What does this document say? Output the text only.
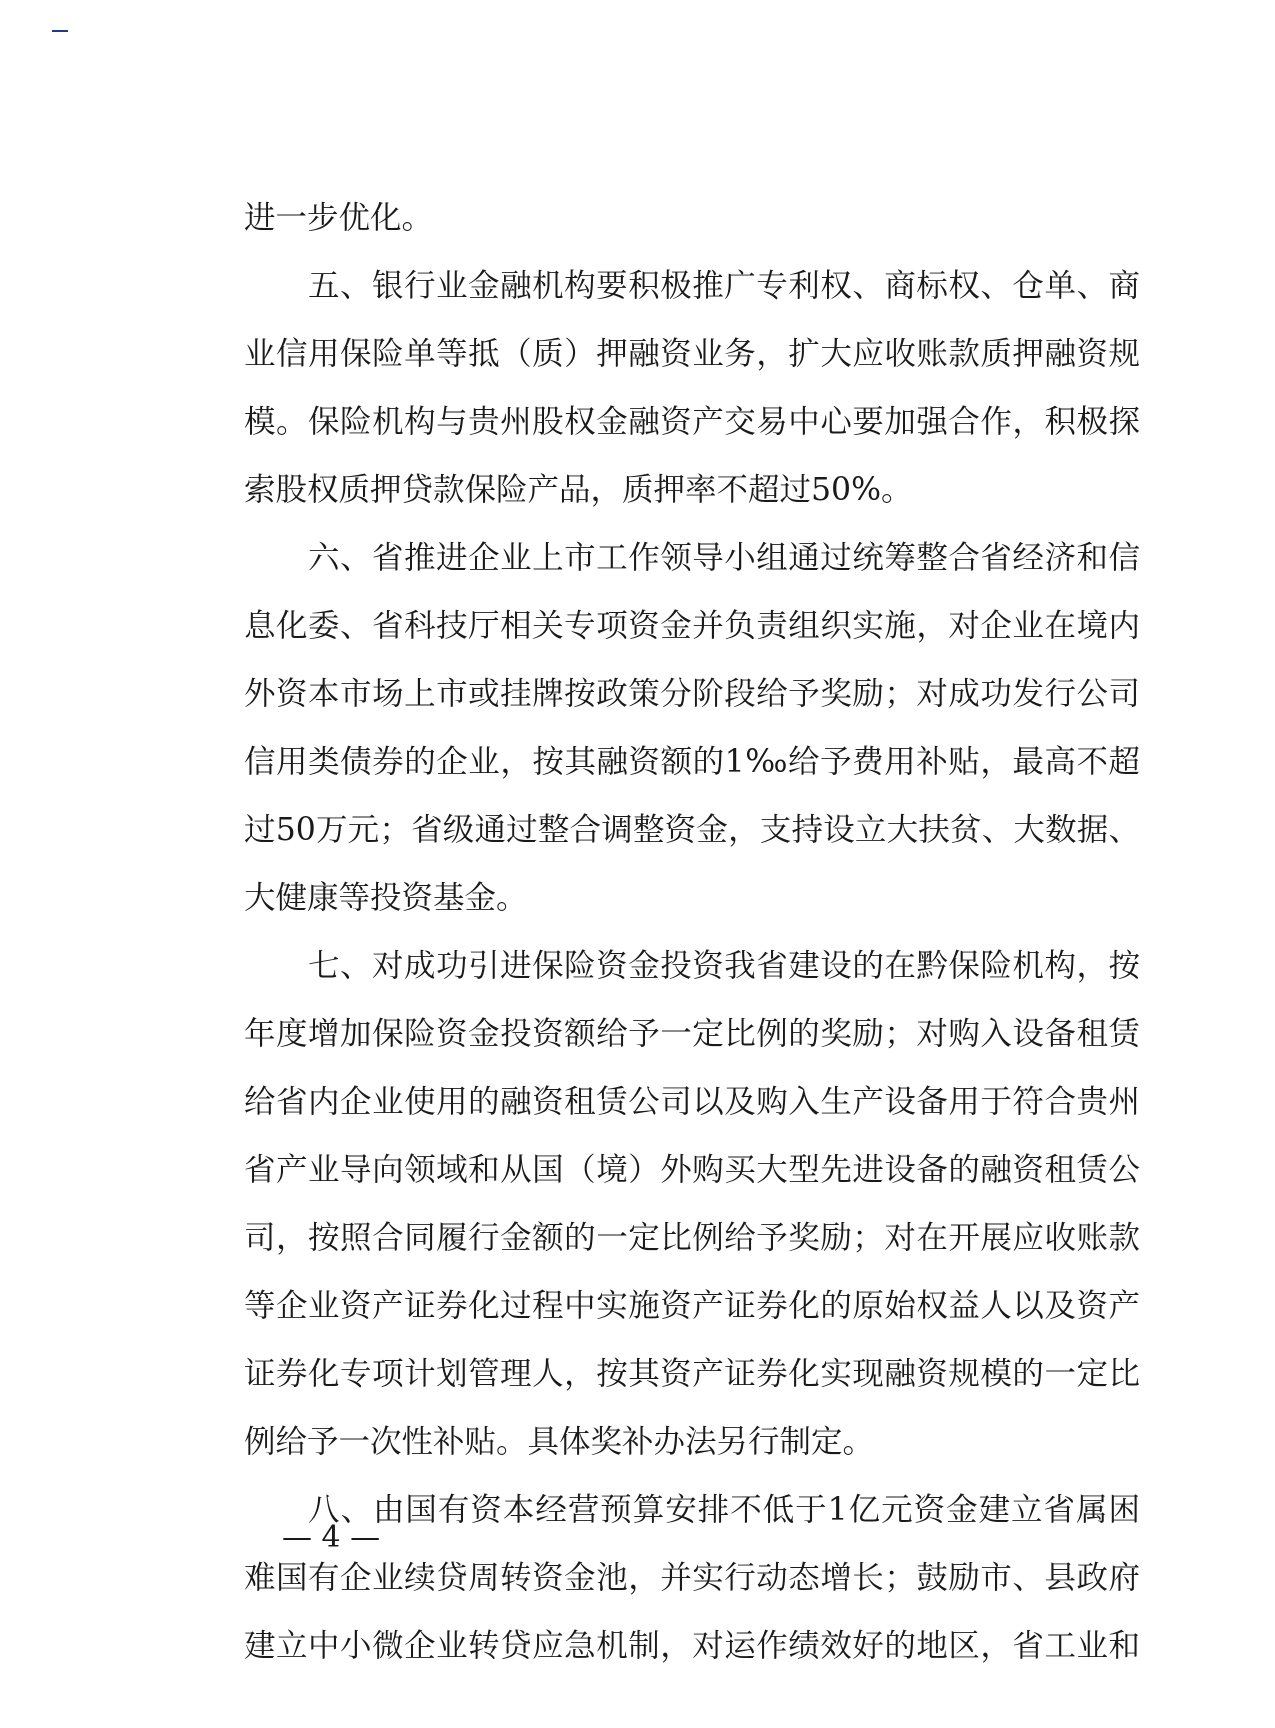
进一步优化。
五、银行业金融机构要积极推广专利权、商标权、仓单、商
业信用保险单等抵（质）押融资业务，扩大应收账款质押融资规
模。保险机构与贵州股权金融资产交易中心要加强合作，积极探
索股权质押贷款保险产品，质押率不超过50%。
六、省推进企业上市工作领导小组通过统筹整合省经济和信
息化委、省科技厅相关专项资金并负责组织实施，对企业在境内
外资本市场上市或挂牌按政策分阶段给予奖励；对成功发行公司
信用类债券的企业，按其融资额的1‰给予费用补贴，最高不超
过50万元；省级通过整合调整资金，支持设立大扶贫、大数据、
大健康等投资基金。
七、对成功引进保险资金投资我省建设的在黔保险机构，按
年度增加保险资金投资额给予一定比例的奖励；对购入设备租赁
给省内企业使用的融资租赁公司以及购入生产设备用于符合贵州
省产业导向领域和从国（境）外购买大型先进设备的融资租赁公
司，按照合同履行金额的一定比例给予奖励；对在开展应收账款
等企业资产证券化过程中实施资产证券化的原始权益人以及资产
证券化专项计划管理人，按其资产证券化实现融资规模的一定比
例给予一次性补贴。具体奖补办法另行制定。
八、由国有资本经营预算安排不低于1亿元资金建立省属困
难国有企业续贷周转资金池，并实行动态增长；鼓励市、县政府
建立中小微企业转贷应急机制，对运作绩效好的地区，省工业和
— 4 —
